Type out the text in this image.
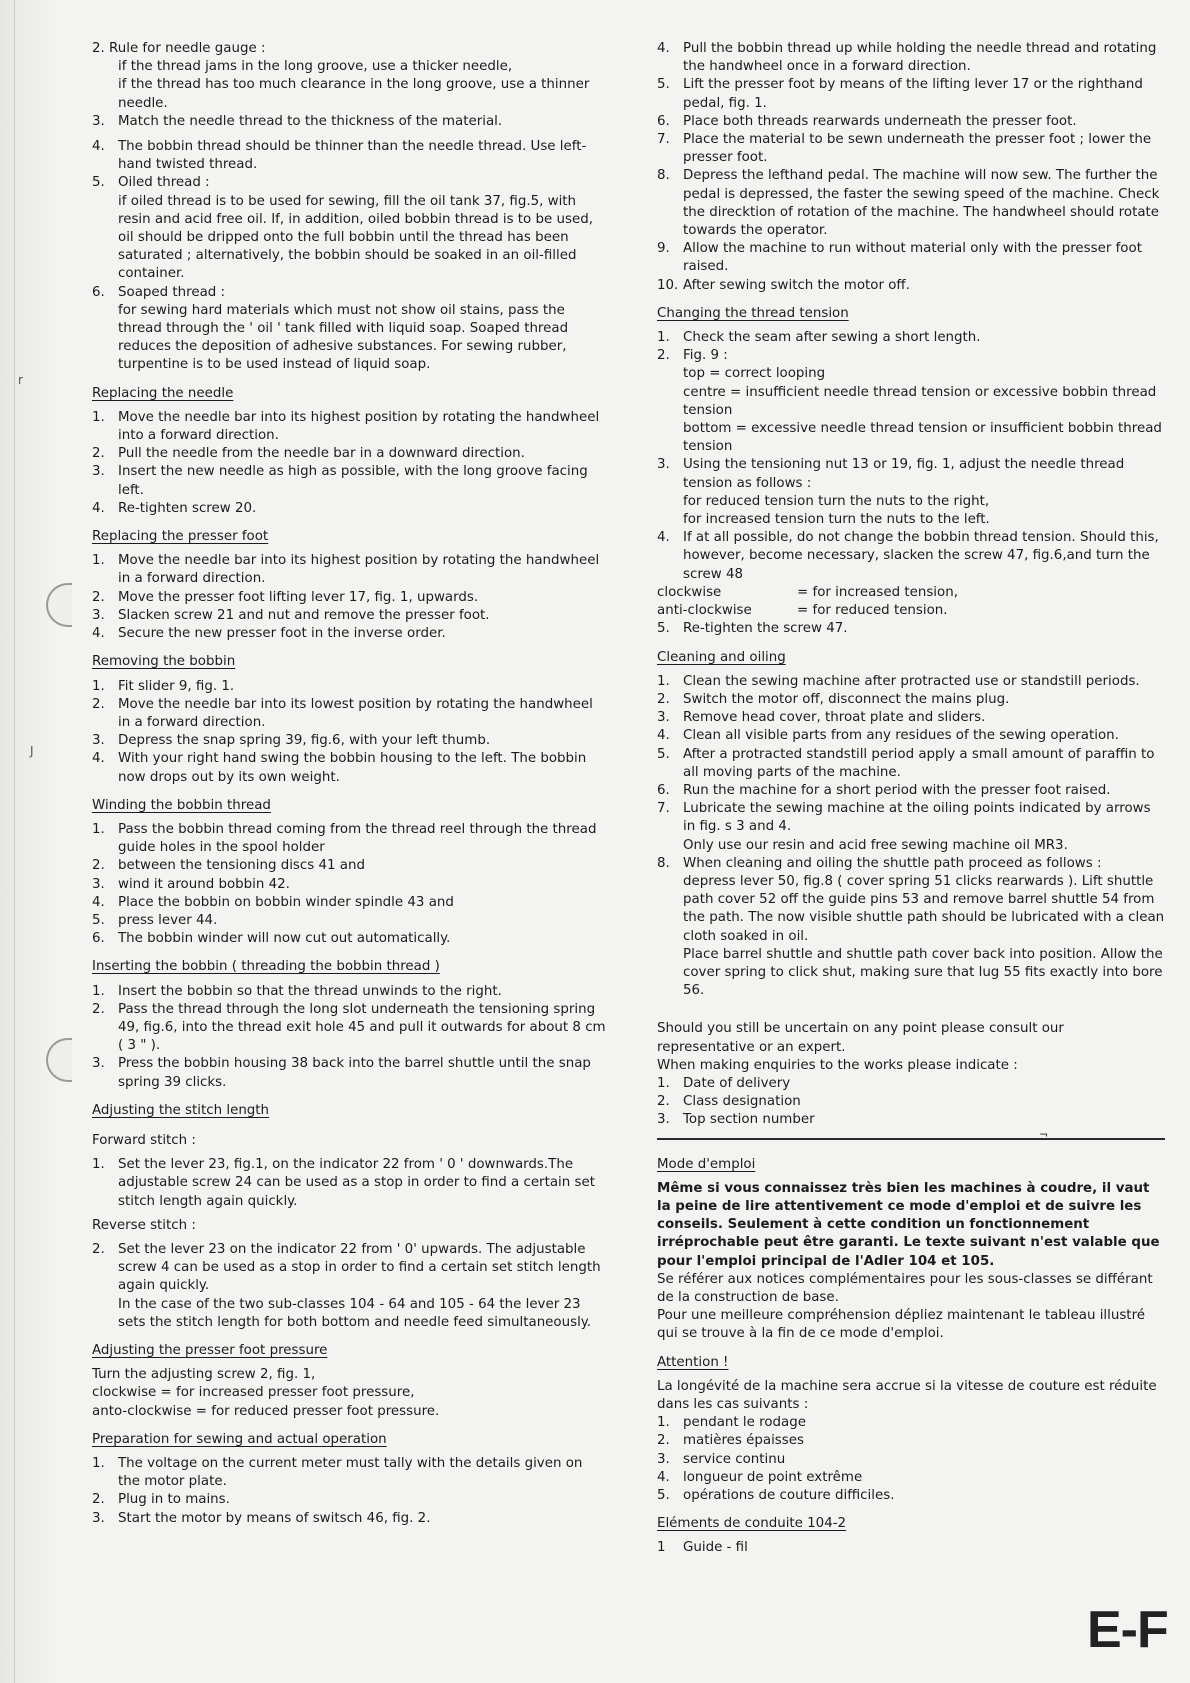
r
J
2. Rule for needle gauge :
if the thread jams in the long groove, use a thicker needle,
if the thread has too much clearance in the long groove, use a thinner needle.
3. Match the needle thread to the thickness of the material.
4. The bobbin thread should be thinner than the needle thread. Use left-hand twisted thread.
5. Oiled thread :
if oiled thread is to be used for sewing, fill the oil tank 37, fig.5, with resin and acid free oil. If, in addition, oiled bobbin thread is to be used, oil should be dripped onto the full bobbin until the thread has been saturated ; alternatively, the bobbin should be soaked in an oil-filled container.
6. Soaped thread :
for sewing hard materials which must not show oil stains, pass the thread through the ' oil ' tank filled with liquid soap. Soaped thread reduces the deposition of adhesive substances. For sewing rubber, turpentine is to be used instead of liquid soap.
Replacing the needle
1. Move the needle bar into its highest position by rotating the handwheel into a forward direction.
2. Pull the needle from the needle bar in a downward direction.
3. Insert the new needle as high as possible, with the long groove facing left.
4. Re-tighten screw 20.
Replacing the presser foot
1. Move the needle bar into its highest position by rotating the handwheel in a forward direction.
2. Move the presser foot lifting lever 17, fig. 1, upwards.
3. Slacken screw 21 and nut and remove the presser foot.
4. Secure the new presser foot in the inverse order.
Removing the bobbin
1. Fit slider 9, fig. 1.
2. Move the needle bar into its lowest position by rotating the handwheel in a forward direction.
3. Depress the snap spring 39, fig.6, with your left thumb.
4. With your right hand swing the bobbin housing to the left. The bobbin now drops out by its own weight.
Winding the bobbin thread
1. Pass the bobbin thread coming from the thread reel through the thread guide holes in the spool holder
2. between the tensioning discs 41 and
3. wind it around bobbin 42.
4. Place the bobbin on bobbin winder spindle 43 and
5. press lever 44.
6. The bobbin winder will now cut out automatically.
Inserting the bobbin ( threading the bobbin thread )
1. Insert the bobbin so that the thread unwinds to the right.
2. Pass the thread through the long slot underneath the tensioning spring 49, fig.6, into the thread exit hole 45 and pull it outwards for about 8 cm ( 3 " ).
3. Press the bobbin housing 38 back into the barrel shuttle until the snap spring 39 clicks.
Adjusting the stitch length
Forward stitch :
1. Set the lever 23, fig.1, on the indicator 22 from ' 0 ' downwards.The adjustable screw 24 can be used as a stop in order to find a certain set stitch length again quickly.
Reverse stitch :
2. Set the lever 23 on the indicator 22 from ' 0' upwards. The adjustable screw 4 can be used as a stop in order to find a certain set stitch length again quickly.
In the case of the two sub-classes 104 - 64 and 105 - 64 the lever 23 sets the stitch length for both bottom and needle feed simultaneously.
Adjusting the presser foot pressure
Turn the adjusting screw 2, fig. 1,
clockwise = for increased presser foot pressure,
anto-clockwise = for reduced presser foot pressure.
Preparation for sewing and actual operation
1. The voltage on the current meter must tally with the details given on the motor plate.
2. Plug in to mains.
3. Start the motor by means of switsch 46, fig. 2.
4. Pull the bobbin thread up while holding the needle thread and rotating the handwheel once in a forward direction.
5. Lift the presser foot by means of the lifting lever 17 or the righthand pedal, fig. 1.
6. Place both threads rearwards underneath the presser foot.
7. Place the material to be sewn underneath the presser foot ; lower the presser foot.
8. Depress the lefthand pedal. The machine will now sew. The further the pedal is depressed, the faster the sewing speed of the machine. Check the direcktion of rotation of the machine. The handwheel should rotate towards the operator.
9. Allow the machine to run without material only with the presser foot raised.
10. After sewing switch the motor off.
Changing the thread tension
1. Check the seam after sewing a short length.
2. Fig. 9 :
top = correct looping
centre = insufficient needle thread tension or excessive bobbin thread tension
bottom = excessive needle thread tension or insufficient bobbin thread tension
3. Using the tensioning nut 13 or 19, fig. 1, adjust the needle thread tension as follows :
for reduced tension turn the nuts to the right,
for increased tension turn the nuts to the left.
4. If at all possible, do not change the bobbin thread tension. Should this, however, become necessary, slacken the screw 47, fig.6,and turn the screw 48
clockwise	= for increased tension,
anti-clockwise	= for reduced tension.
5. Re-tighten the screw 47.
Cleaning and oiling
1. Clean the sewing machine after protracted use or standstill periods.
2. Switch the motor off, disconnect the mains plug.
3. Remove head cover, throat plate and sliders.
4. Clean all visible parts from any residues of the sewing operation.
5. After a protracted standstill period apply a small amount of paraffin to all moving parts of the machine.
6. Run the machine for a short period with the presser foot raised.
7. Lubricate the sewing machine at the oiling points indicated by arrows in fig. s 3 and 4.
Only use our resin and acid free sewing machine oil MR3.
8. When cleaning and oiling the shuttle path proceed as follows :
depress lever 50, fig.8 ( cover spring 51 clicks rearwards ). Lift shuttle path cover 52 off the guide pins 53 and remove barrel shuttle 54 from the path. The now visible shuttle path should be lubricated with a clean cloth soaked in oil.
Place barrel shuttle and shuttle path cover back into position. Allow the cover spring to click shut, making sure that lug 55 fits exactly into bore 56.
Should you still be uncertain on any point please consult our representative or an expert.
When making enquiries to the works please indicate :
1. Date of delivery
2. Class designation
3. Top section number
¬
Mode d'emploi
Même si vous connaissez très bien les machines à coudre, il vaut la peine de lire attentivement ce mode d'emploi et de suivre les conseils. Seulement à cette condition un fonctionnement irréprochable peut être garanti. Le texte suivant n'est valable que pour l'emploi principal de l'Adler 104 et 105.
Se référer aux notices complémentaires pour les sous-classes se différant de la construction de base.
Pour une meilleure compréhension dépliez maintenant le tableau illustré qui se trouve à la fin de ce mode d'emploi.
Attention !
La longévité de la machine sera accrue si la vitesse de couture est réduite dans les cas suivants :
1. pendant le rodage
2. matières épaisses
3. service continu
4. longueur de point extrême
5. opérations de couture difficiles.
Eléments de conduite 104-2
1	Guide - fil
E-F
